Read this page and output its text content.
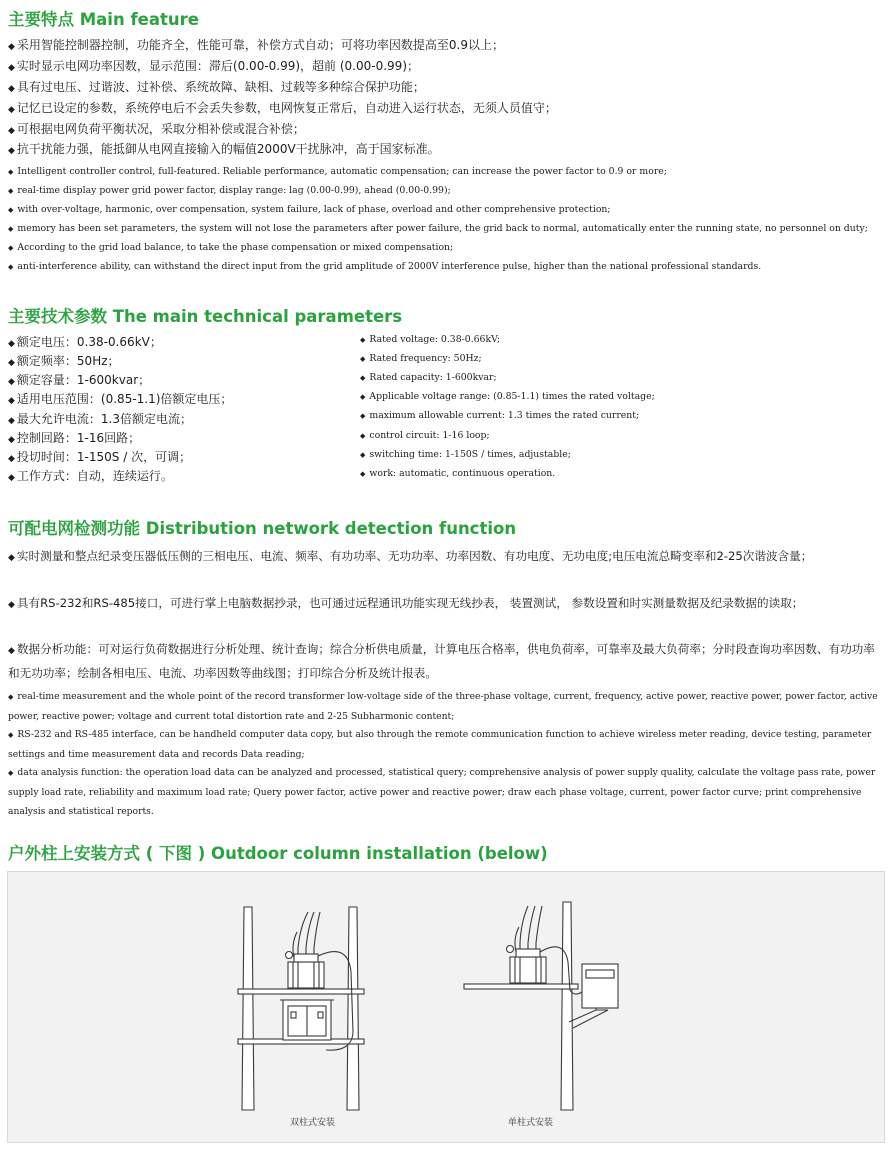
主要特点 Main feature

◆ 采用智能控制器控制，功能齐全，性能可靠，补偿方式自动；可将功率因数提高至0.9以上；

◆ 实时显示电网功率因数，显示范围：滞后(0.00-0.99)，超前 (0.00-0.99)；

◆ 具有过电压、过谐波、过补偿、系统故障、缺相、过载等多种综合保护功能；

◆ 记忆已设定的参数，系统停电后不会丢失参数，电网恢复正常后，自动进入运行状态，无须人员值守；

◆ 可根据电网负荷平衡状况，采取分相补偿或混合补偿；

◆ 抗干扰能力强，能抵御从电网直接输入的幅值2000V干扰脉冲，高于国家标准。

◆ Intelligent controller control, full-featured. Reliable performance, automatic compensation; can increase the power factor to 0.9 or more;

◆ real-time display power grid power factor, display range: lag (0.00-0.99), ahead (0.00-0.99);

◆ with over-voltage, harmonic, over compensation, system failure, lack of phase, overload and other comprehensive protection;

◆ memory has been set parameters, the system will not lose the parameters after power failure, the grid back to normal, automatically enter the running state, no personnel on duty;

◆ According to the grid load balance, to take the phase compensation or mixed compensation;

◆ anti-interference ability, can withstand the direct input from the grid amplitude of 2000V interference pulse, higher than the national professional standards.

主要技术参数 The main technical parameters

◆ 额定电压：0.38-0.66kV；

◆ 额定频率：50Hz；

◆ 额定容量：1-600kvar；

◆ 适用电压范围：(0.85-1.1)倍额定电压；

◆ 最大允许电流：1.3倍额定电流；

◆ 控制回路：1-16回路；

◆ 投切时间：1-150S / 次，可调；

◆ 工作方式：自动，连续运行。

◆ Rated voltage: 0.38-0.66kV;

◆ Rated frequency: 50Hz;

◆ Rated capacity: 1-600kvar;

◆ Applicable voltage range: (0.85-1.1) times the rated voltage;

◆ maximum allowable current: 1.3 times the rated current;

◆ control circuit: 1-16 loop;

◆ switching time: 1-150S / times, adjustable;

◆ work: automatic, continuous operation.

可配电网检测功能 Distribution network detection function

◆ 实时测量和整点纪录变压器低压侧的三相电压、电流、频率、有功功率、无功功率、功率因数、有功电度、无功电度;电压电流总畸变率和2-25次谐波含量；

◆ 具有RS-232和RS-485接口，可进行掌上电脑数据抄录，也可通过远程通讯功能实现无线抄表， 装置测试， 参数设置和时实测量数据及纪录数据的读取；

◆ 数据分析功能：可对运行负荷数据进行分析处理、统计查询；综合分析供电质量，计算电压合格率，供电负荷率，可靠率及最大负荷率；分时段查询功率因数、有功功率和无功功率；绘制各相电压、电流、功率因数等曲线图；打印综合分析及统计报表。

◆ real-time measurement and the whole point of the record transformer low-voltage side of the three-phase voltage, current, frequency, active power, reactive power, power factor, active power, reactive power; voltage and current total distortion rate and 2-25 Subharmonic content;

◆ RS-232 and RS-485 interface, can be handheld computer data copy, but also through the remote communication function to achieve wireless meter reading, device testing, parameter settings and time measurement data and records Data reading;

◆ data analysis function: the operation load data can be analyzed and processed, statistical query; comprehensive analysis of power supply quality, calculate the voltage pass rate, power supply load rate, reliability and maximum load rate; Query power factor, active power and reactive power; draw each phase voltage, current, power factor curve; print comprehensive analysis and statistical reports.

户外柱上安装方式 ( 下图 ) Outdoor column installation (below)
双柱式安装	单柱式安装
